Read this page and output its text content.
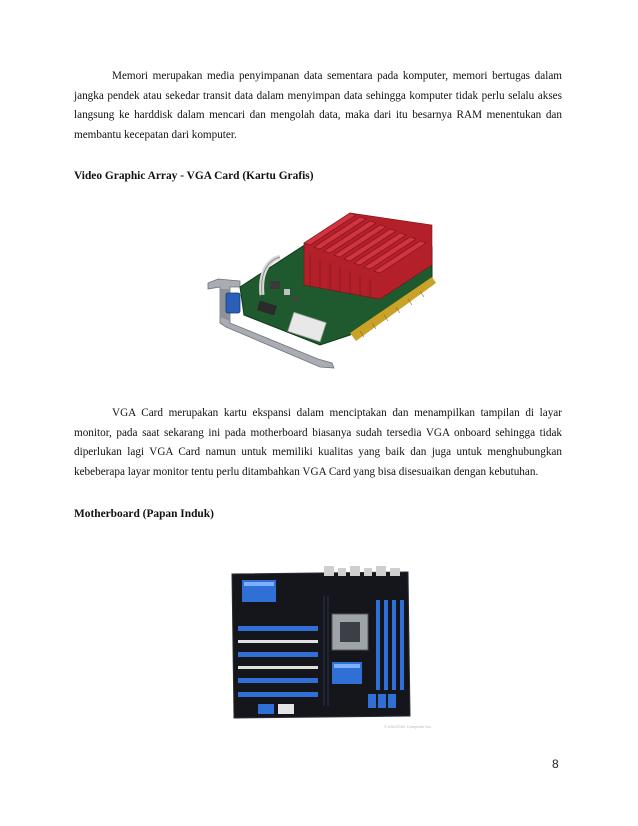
Memori merupakan media penyimpanan data sementara pada komputer, memori bertugas dalam jangka pendek atau sekedar transit data dalam menyimpan data sehingga komputer tidak perlu selalu akses langsung ke harddisk dalam mencari dan mengolah data, maka dari itu besarnya RAM menentukan dan membantu kecepatan dari komputer.

Video Graphic Array - VGA Card (Kartu Grafis)

VGA Card merupakan kartu ekspansi dalam menciptakan dan menampilkan tampilan di layar monitor, pada saat sekarang ini pada motherboard biasanya sudah tersedia VGA onboard sehingga tidak diperlukan lagi VGA Card namun untuk memiliki kualitas yang baik dan juga untuk menghubungkan kebeberapa layar monitor tentu perlu ditambahkan VGA Card yang bisa disesuaikan dengan kebutuhan.

Motherboard (Papan Induk)
© ASUSTeK Computer Inc.
8
